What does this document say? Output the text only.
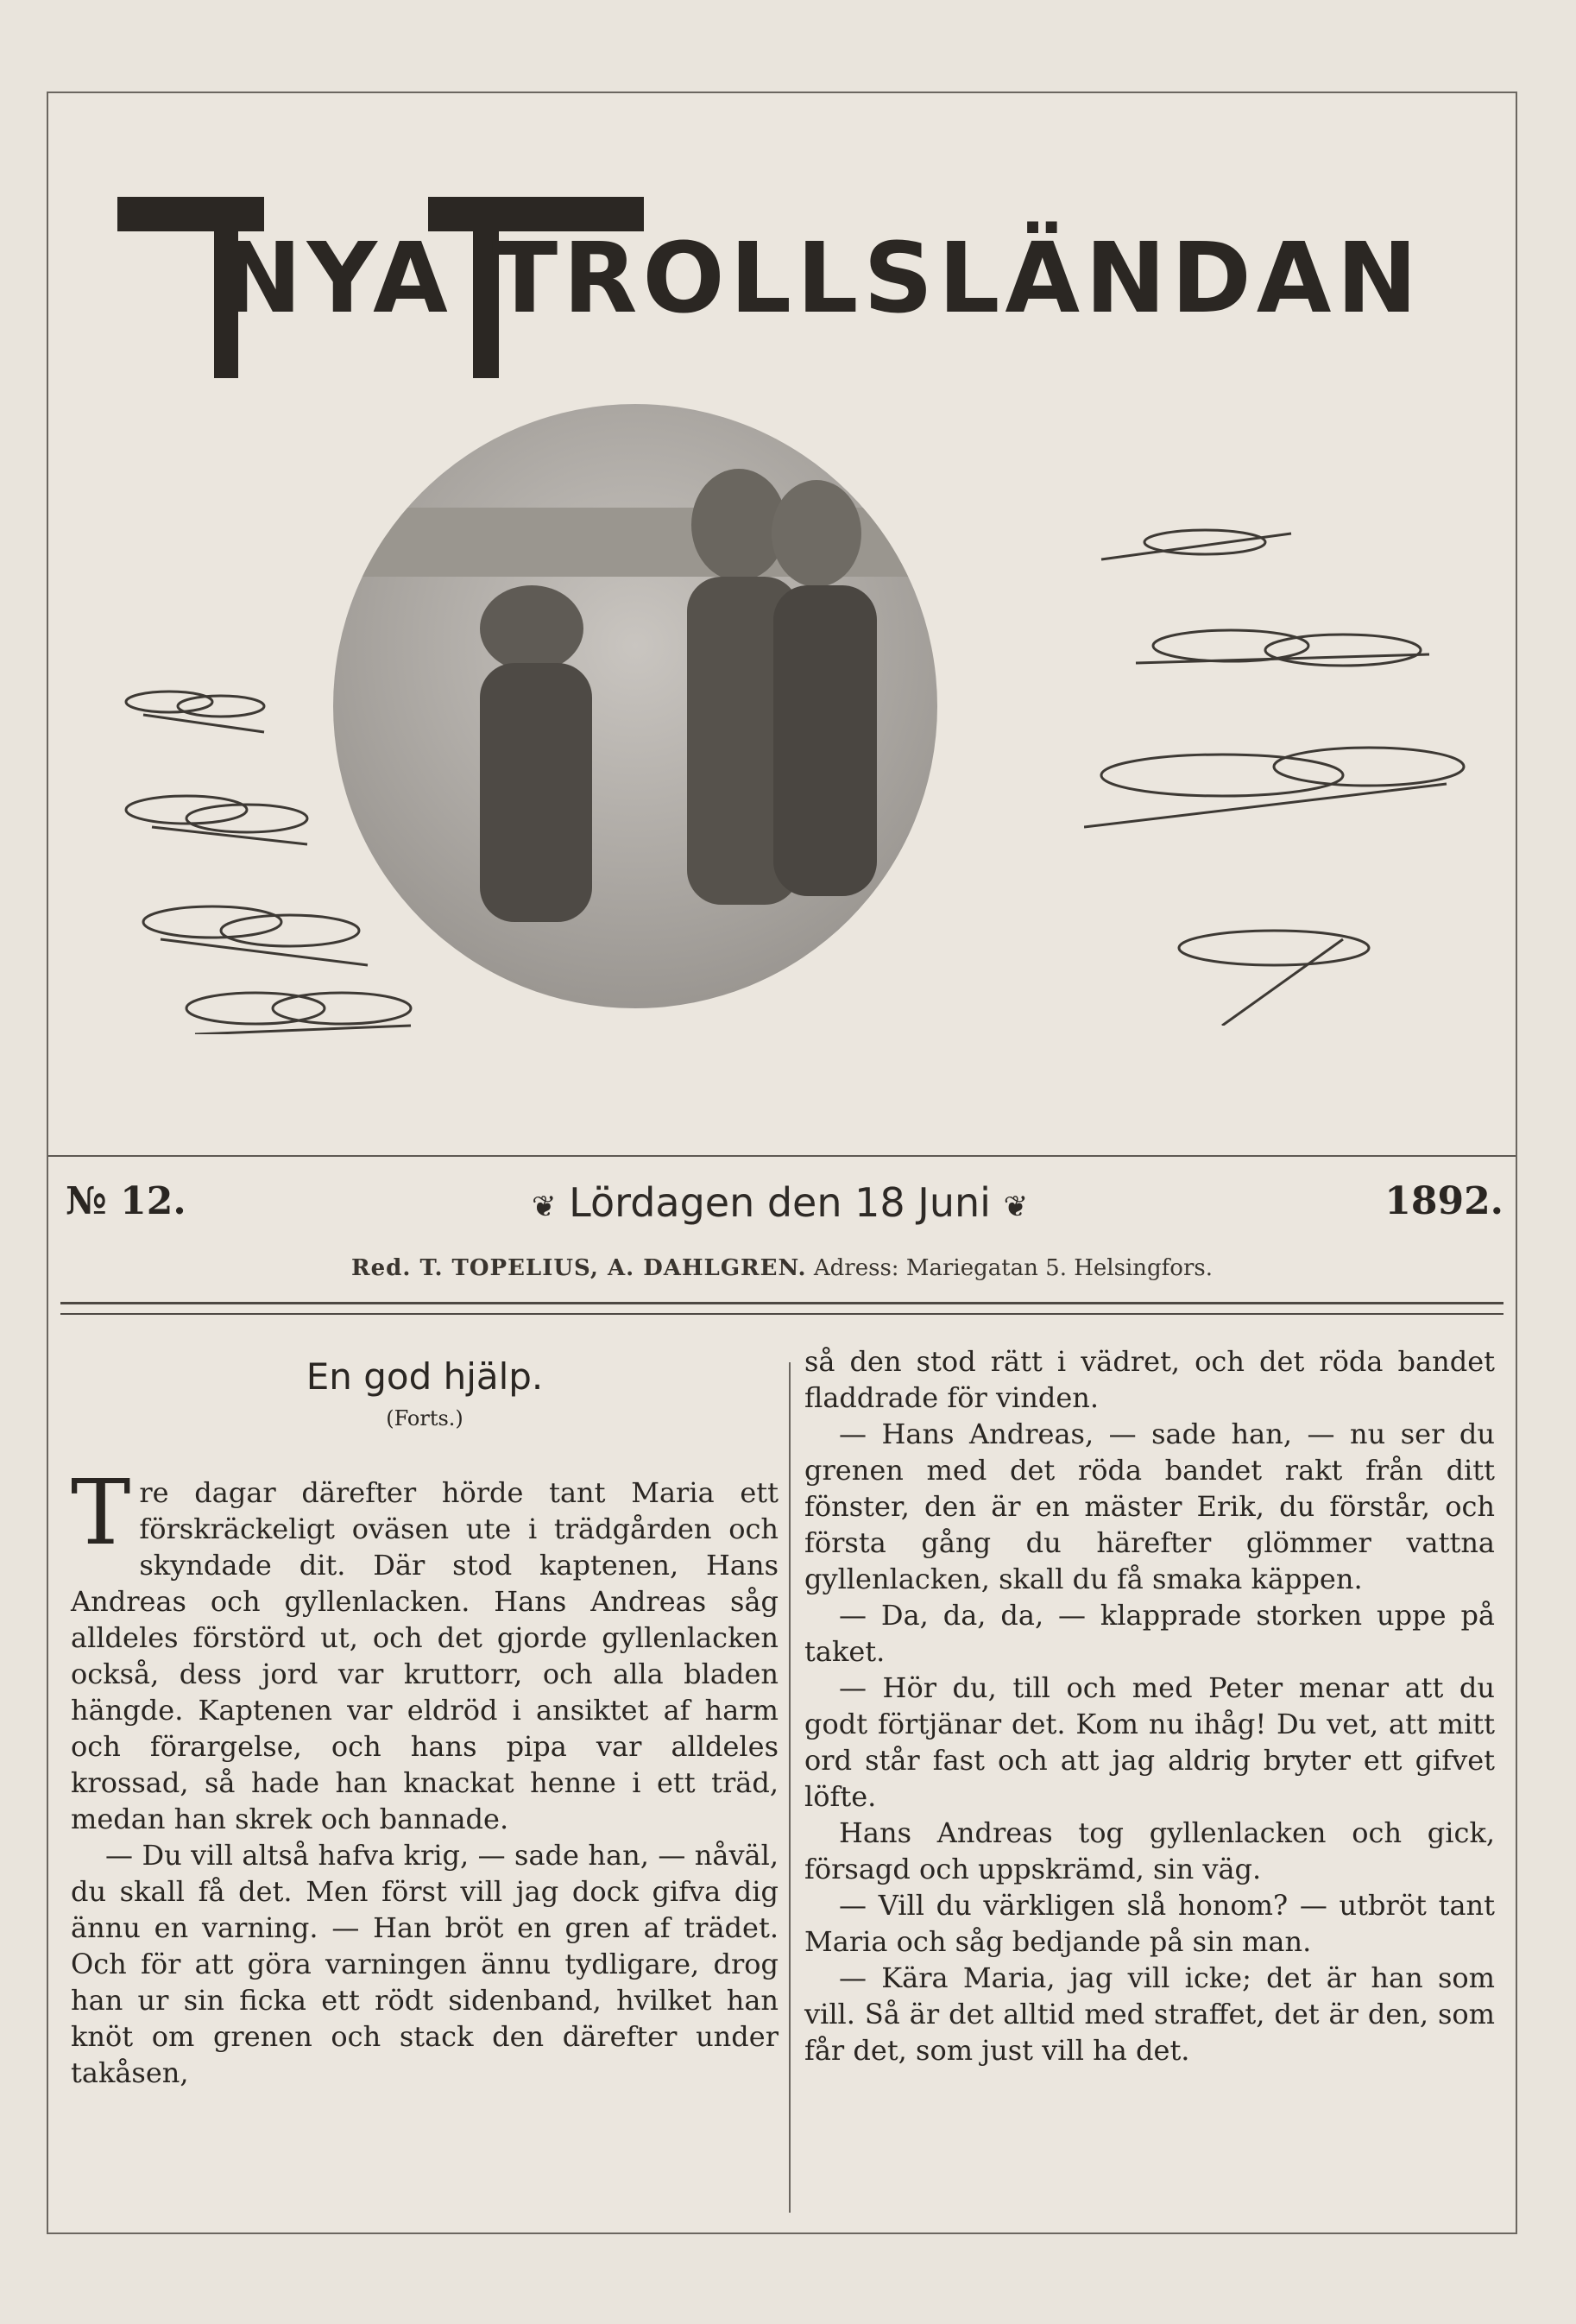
NYA TROLLSLÄNDAN
№ 12.	❦ Lördagen den 18 Juni ❦	1892.
Red. T. TOPELIUS, A. DAHLGREN. Adress: Mariegatan 5. Helsingfors.
En god hjälp.
(Forts.)

T re dagar därefter hörde tant Maria ett förskräckeligt oväsen ute i trädgården och skyndade dit. Där stod kaptenen, Hans Andreas och gyllenlacken. Hans Andreas såg alldeles förstörd ut, och det gjorde gyllenlacken också, dess jord var kruttorr, och alla bladen hängde. Kaptenen var eldröd i ansiktet af harm och förargelse, och hans pipa var alldeles krossad, så hade han knackat henne i ett träd, medan han skrek och bannade.

— Du vill altså hafva krig, — sade han, — nåväl, du skall få det. Men först vill jag dock gifva dig ännu en varning. — Han bröt en gren af trädet. Och för att göra varningen ännu tydligare, drog han ur sin ficka ett rödt sidenband, hvilket han knöt om grenen och stack den därefter under takåsen,

så den stod rätt i vädret, och det röda bandet fladdrade för vinden.

— Hans Andreas, — sade han, — nu ser du grenen med det röda bandet rakt från ditt fönster, den är en mäster Erik, du förstår, och första gång du härefter glömmer vattna gyllenlacken, skall du få smaka käppen.

— Da, da, da, — klapprade storken uppe på taket.

— Hör du, till och med Peter menar att du godt förtjänar det. Kom nu ihåg! Du vet, att mitt ord står fast och att jag aldrig bryter ett gifvet löfte.

Hans Andreas tog gyllenlacken och gick, försagd och uppskrämd, sin väg.

— Vill du värkligen slå honom? — utbröt tant Maria och såg bedjande på sin man.

— Kära Maria, jag vill icke; det är han som vill. Så är det alltid med straffet, det är den, som får det, som just vill ha det.
